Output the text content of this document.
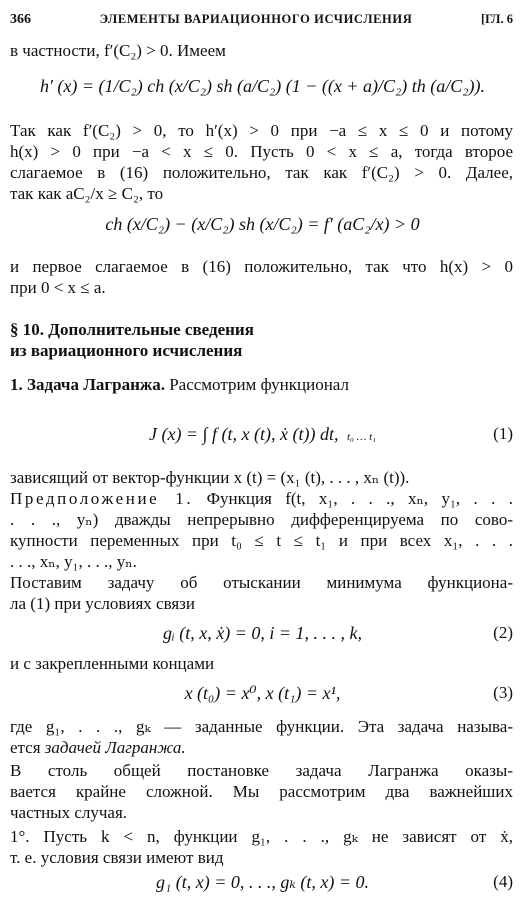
366	ЭЛЕМЕНТЫ ВАРИАЦИОННОГО ИСЧИСЛЕНИЯ	[ГЛ. 6
в частности, f′(C₂) > 0. Имеем
h′ (x) = (1/C₂) ch (x/C₂) sh (a/C₂) (1 − ((x + a)/C₂) th (a/C₂)).
Так как f′(C₂) > 0, то h′(x) > 0 при −a ≤ x ≤ 0 и потому
h(x) > 0 при −a < x ≤ 0. Пусть 0 < x ≤ a, тогда второе
слагаемое в (16) положительно, так как f′(C₂) > 0. Далее,
так как aC₂/x ≥ C₂, то
ch (x/C₂) − (x/C₂) sh (x/C₂) = f′ (aC₂/x) > 0
и первое слагаемое в (16) положительно, так что h(x) > 0
при 0 < x ≤ a.
§ 10. Дополнительные сведения
из вариационного исчисления
1. Задача Лагранжа. Рассмотрим функционал
J (x) = ∫ f (t, x (t), ẋ (t)) dt, t₀ … t₁	(1)
зависящий от вектор-функции x (t) = (x₁ (t), . . . , xₙ (t)).
Предположение 1. Функция f(t, x₁, . . ., xₙ, y₁, . . .
. . ., yₙ) дважды непрерывно дифференцируема по сово-
купности переменных при t₀ ≤ t ≤ t₁ и при всех x₁, . . .
. . ., xₙ, y₁, . . ., yₙ.
Поставим задачу об отыскании минимума функциона-
ла (1) при условиях связи
gᵢ (t, x, ẋ) = 0, i = 1, . . . , k,	(2)
и с закрепленными концами
x (t₀) = x⁰, x (t₁) = x¹,	(3)
где g₁, . . ., gₖ — заданные функции. Эта задача называ-
ется задачей Лагранжа.
В столь общей постановке задача Лагранжа оказы-
вается крайне сложной. Мы рассмотрим два важнейших
частных случая.
1°. Пусть k < n, функции g₁, . . ., gₖ не зависят от ẋ,
т. е. условия связи имеют вид
g₁ (t, x) = 0, . . ., gₖ (t, x) = 0.	(4)
